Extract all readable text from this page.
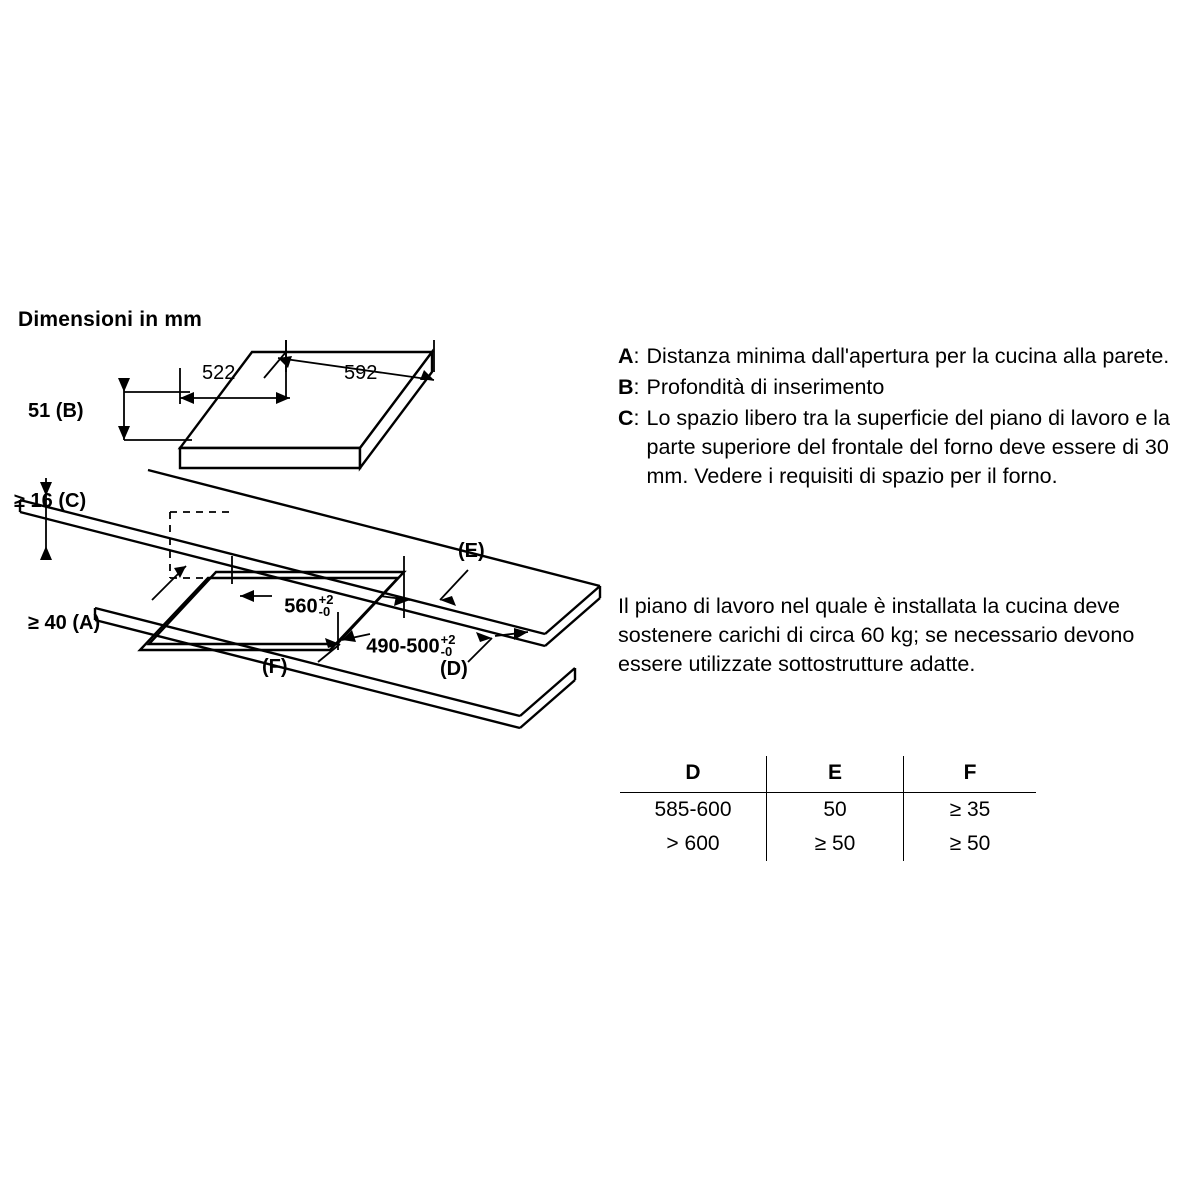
Dimensioni in mm
522	592
51 (B)
≥ 16 (C)
≥ 40 (A)

560 +2
-0

490-500 +2
-0

(E)
(D)
(F)
A : Distanza minima dall'apertura per la cucina alla parete.
B : Profondità di inserimento
C : Lo spazio libero tra la superficie del piano di lavoro e la parte superiore del frontale del forno deve essere di 30 mm. Vedere i requisiti di spazio per il forno.
Il piano di lavoro nel quale è installata la cucina deve sostenere carichi di circa 60 kg; se necessario devono essere utilizzate sottostrutture adatte.
D	E	F
585-600	50	≥ 35
> 600	≥ 50	≥ 50
